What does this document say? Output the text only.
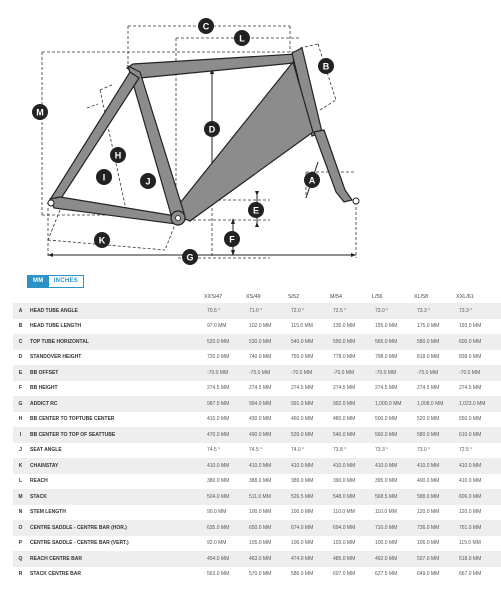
A
B
C
D
E
F
G
H
I	J
K
L
M
MM	INCHES
		XXS/47	XS/49	S/52	M/54	L/56	XL/58	XXL/61
A	HEAD TUBE ANGLE	70.5 °	71.0 °	72.0 °	72.5 °	73.0 °	73.3 °	73.3 °
B	HEAD TUBE LENGTH	97.0 MM	102.0 MM	115.0 MM	135.0 MM	155.0 MM	175.0 MM	193.0 MM
C	TOP TUBE HORIZONTAL	520.0 MM	530.0 MM	540.0 MM	550.0 MM	565.0 MM	580.0 MM	600.0 MM
D	STANDOVER HEIGHT	720.0 MM	740.0 MM	755.0 MM	778.0 MM	798.0 MM	818.0 MM	838.0 MM
E	BB OFFSET	-70.0 MM	-70.0 MM	-70.0 MM	-70.0 MM	-70.0 MM	-70.0 MM	-70.0 MM
F	BB HEIGHT	274.5 MM	274.5 MM	274.5 MM	274.5 MM	274.5 MM	274.5 MM	274.5 MM
G	ADDICT RC	987.5 MM	994.0 MM	991.0 MM	992.0 MM	1,000.0 MM	1,008.0 MM	1,023.0 MM
H	BB CENTER TO TOPTUBE CENTER	410.0 MM	430.0 MM	460.0 MM	480.0 MM	500.0 MM	520.0 MM	550.0 MM
I	BB CENTER TO TOP OF SEATTUBE	470.0 MM	490.0 MM	520.0 MM	540.0 MM	560.0 MM	580.0 MM	610.0 MM
J	SEAT ANGLE	74.5 °	74.5 °	74.0 °	73.8 °	73.3 °	73.0 °	72.5 °
K	CHAINSTAY	410.0 MM	410.0 MM	410.0 MM	410.0 MM	410.0 MM	410.0 MM	410.0 MM
L	REACH	380.0 MM	388.0 MM	389.0 MM	390.0 MM	395.0 MM	400.0 MM	410.0 MM
M	STACK	504.0 MM	511.0 MM	526.5 MM	548.0 MM	568.5 MM	588.0 MM	606.0 MM
N	STEM LENGTH	90.0 MM	100.0 MM	100.0 MM	110.0 MM	110.0 MM	120.0 MM	120.0 MM
O	CENTRE SADDLE - CENTRE BAR (HOR.)	635.0 MM	650.0 MM	674.0 MM	694.0 MM	710.0 MM	736.0 MM	761.0 MM
P	CENTRE SADDLE - CENTRE BAR (VERT.)	92.0 MM	105.0 MM	106.0 MM	103.0 MM	100.0 MM	106.0 MM	115.0 MM
Q	REACH CENTRE BAR	454.0 MM	463.0 MM	474.0 MM	485.0 MM	492.0 MM	507.0 MM	518.0 MM
R	STACK CENTRE BAR	563.0 MM	570.0 MM	586.0 MM	607.0 MM	627.5 MM	649.0 MM	667.0 MM
